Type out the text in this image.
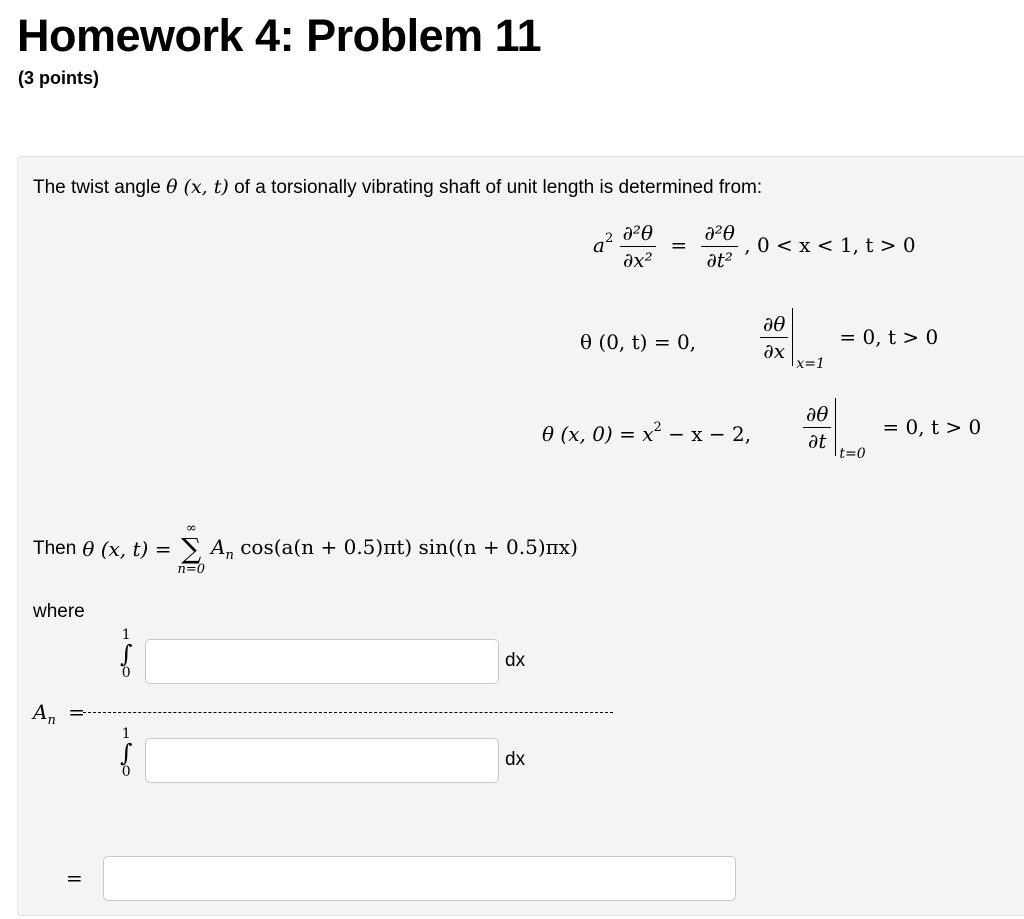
Homework 4: Problem 11
(3 points)
The twist angle θ (x, t) of a torsionally vibrating shaft of unit length is determined from:
$a^2 \frac{\text{∂²θ}}{\text{∂x²}} = \frac{\text{∂²θ}}{\text{∂t²}}$ , 0 < x < 1, t > 0
θ (0, t) = 0,	$\frac{\partial\theta}{\partial x}$
x=1
= 0, t > 0
θ (x, $0) = x^2 - x - 2$,	$\frac{\partial\theta}{\partial t}$
t=0
= 0, t > 0
Then θ (x, t) =
∞
∑
n=0
$A_n$ cos(a(n + 0.5)πt) sin((n + 0.5)πx)
where
1
∫
0
dx
$A_n$ =
1
∫
0
dx
=
